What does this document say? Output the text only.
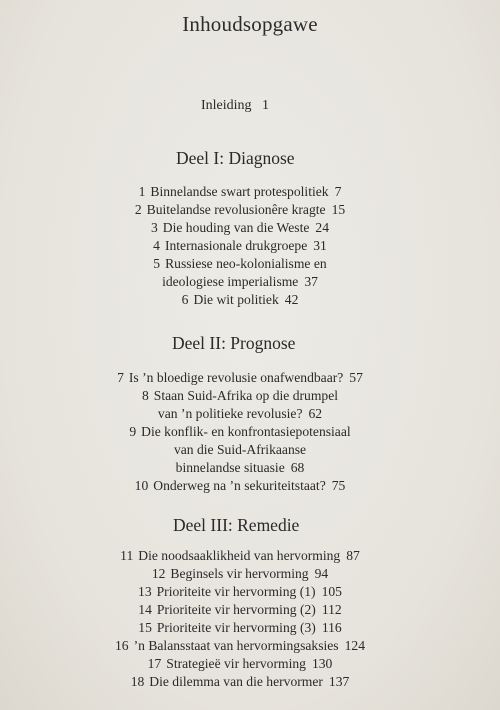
Inhoudsopgawe
Inleiding 1
Deel I: Diagnose
1 Binnelandse swart protespolitiek 7
2 Buitelandse revolusionêre kragte 15
3 Die houding van die Weste 24
4 Internasionale drukgroepe 31
5 Russiese neo-kolonialisme en
ideologiese imperialisme 37
6 Die wit politiek 42
Deel II: Prognose
7 Is ’n bloedige revolusie onafwendbaar? 57
8 Staan Suid-Afrika op die drumpel
van ’n politieke revolusie? 62
9 Die konflik- en konfrontasiepotensiaal
van die Suid-Afrikaanse
binnelandse situasie 68
10 Onderweg na ’n sekuriteitstaat? 75
Deel III: Remedie
11 Die noodsaaklikheid van hervorming 87
12 Beginsels vir hervorming 94
13 Prioriteite vir hervorming (1) 105
14 Prioriteite vir hervorming (2) 112
15 Prioriteite vir hervorming (3) 116
16 ’n Balansstaat van hervormingsaksies 124
17 Strategieë vir hervorming 130
18 Die dilemma van die hervormer 137
